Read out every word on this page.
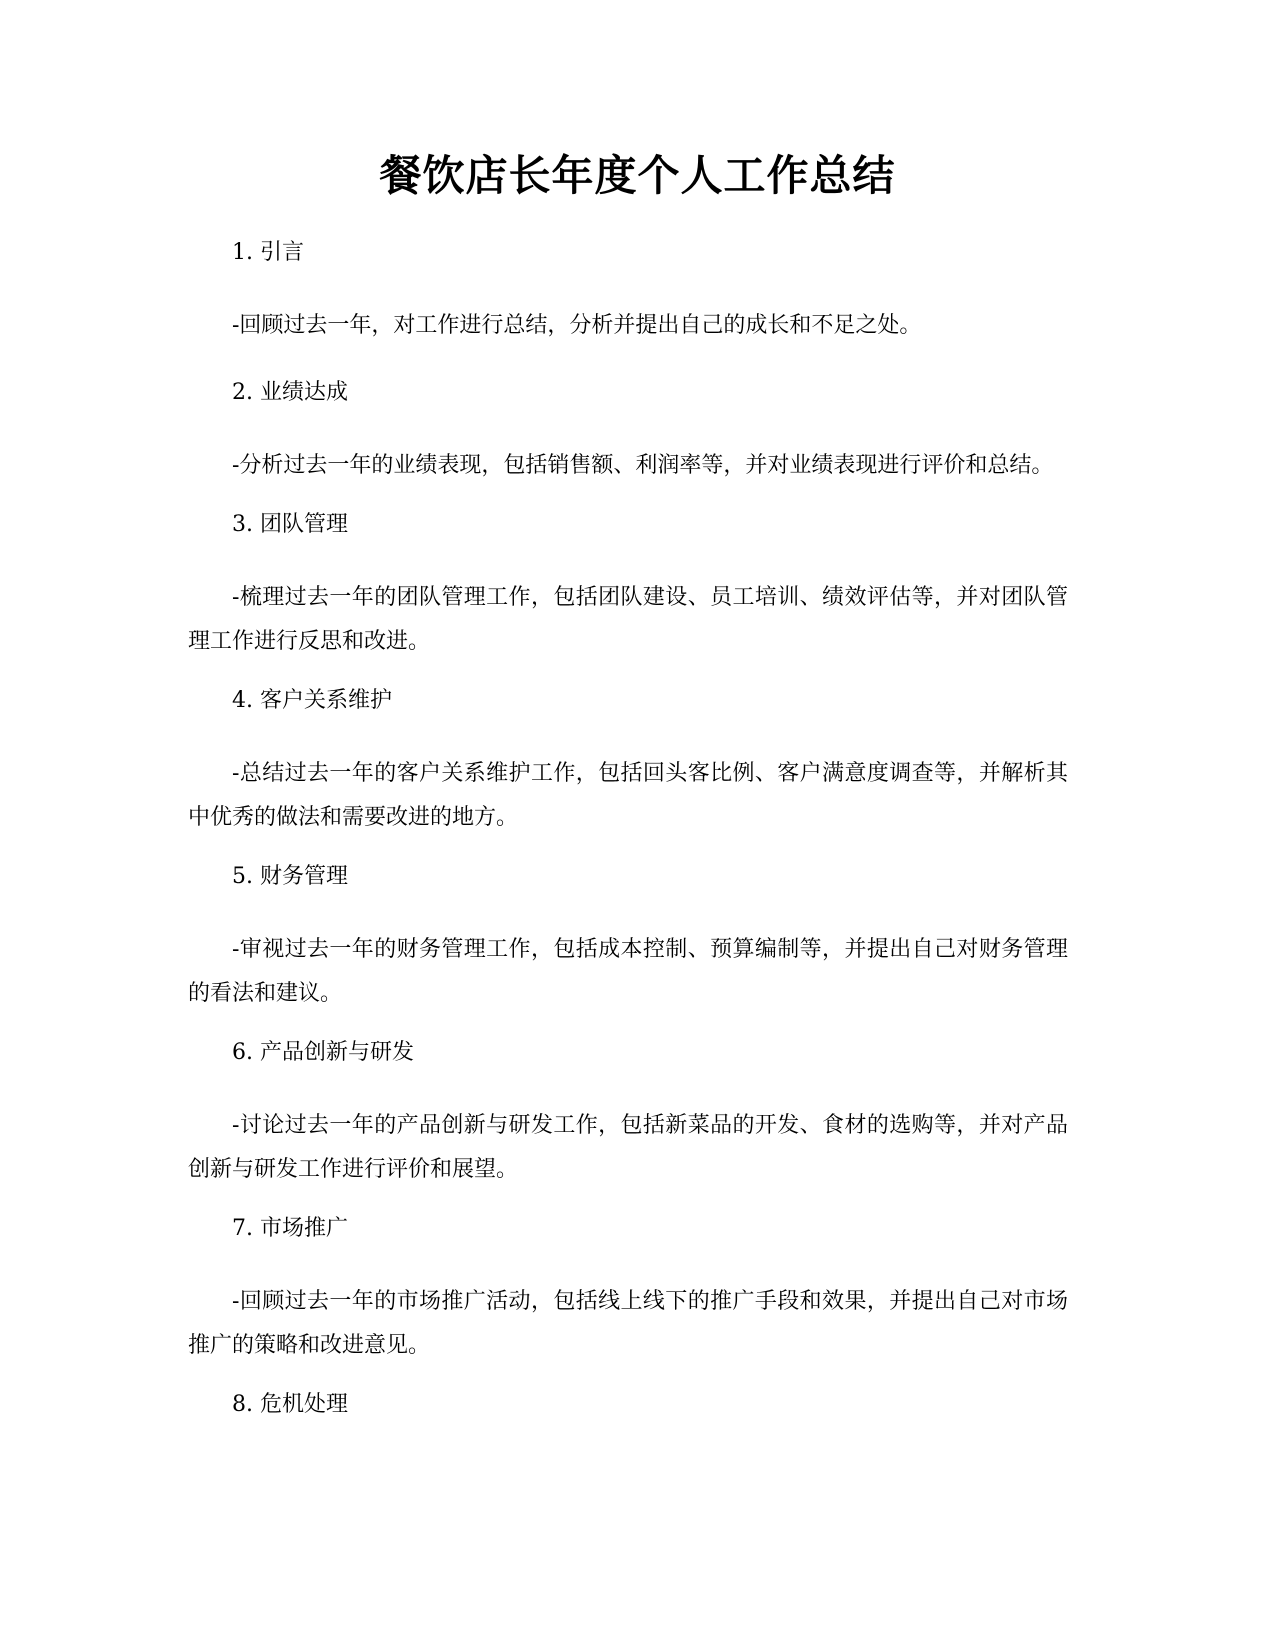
餐饮店长年度个人工作总结

1. 引言

-回顾过去一年，对工作进行总结，分析并提出自己的成长和不足之处。

2. 业绩达成

-分析过去一年的业绩表现，包括销售额、利润率等，并对业绩表现进行评价和总结。

3. 团队管理

-梳理过去一年的团队管理工作，包括团队建设、员工培训、绩效评估等，并对团队管理工作进行反思和改进。

4. 客户关系维护

-总结过去一年的客户关系维护工作，包括回头客比例、客户满意度调查等，并解析其中优秀的做法和需要改进的地方。

5. 财务管理

-审视过去一年的财务管理工作，包括成本控制、预算编制等，并提出自己对财务管理的看法和建议。

6. 产品创新与研发

-讨论过去一年的产品创新与研发工作，包括新菜品的开发、食材的选购等，并对产品创新与研发工作进行评价和展望。

7. 市场推广

-回顾过去一年的市场推广活动，包括线上线下的推广手段和效果，并提出自己对市场推广的策略和改进意见。

8. 危机处理
